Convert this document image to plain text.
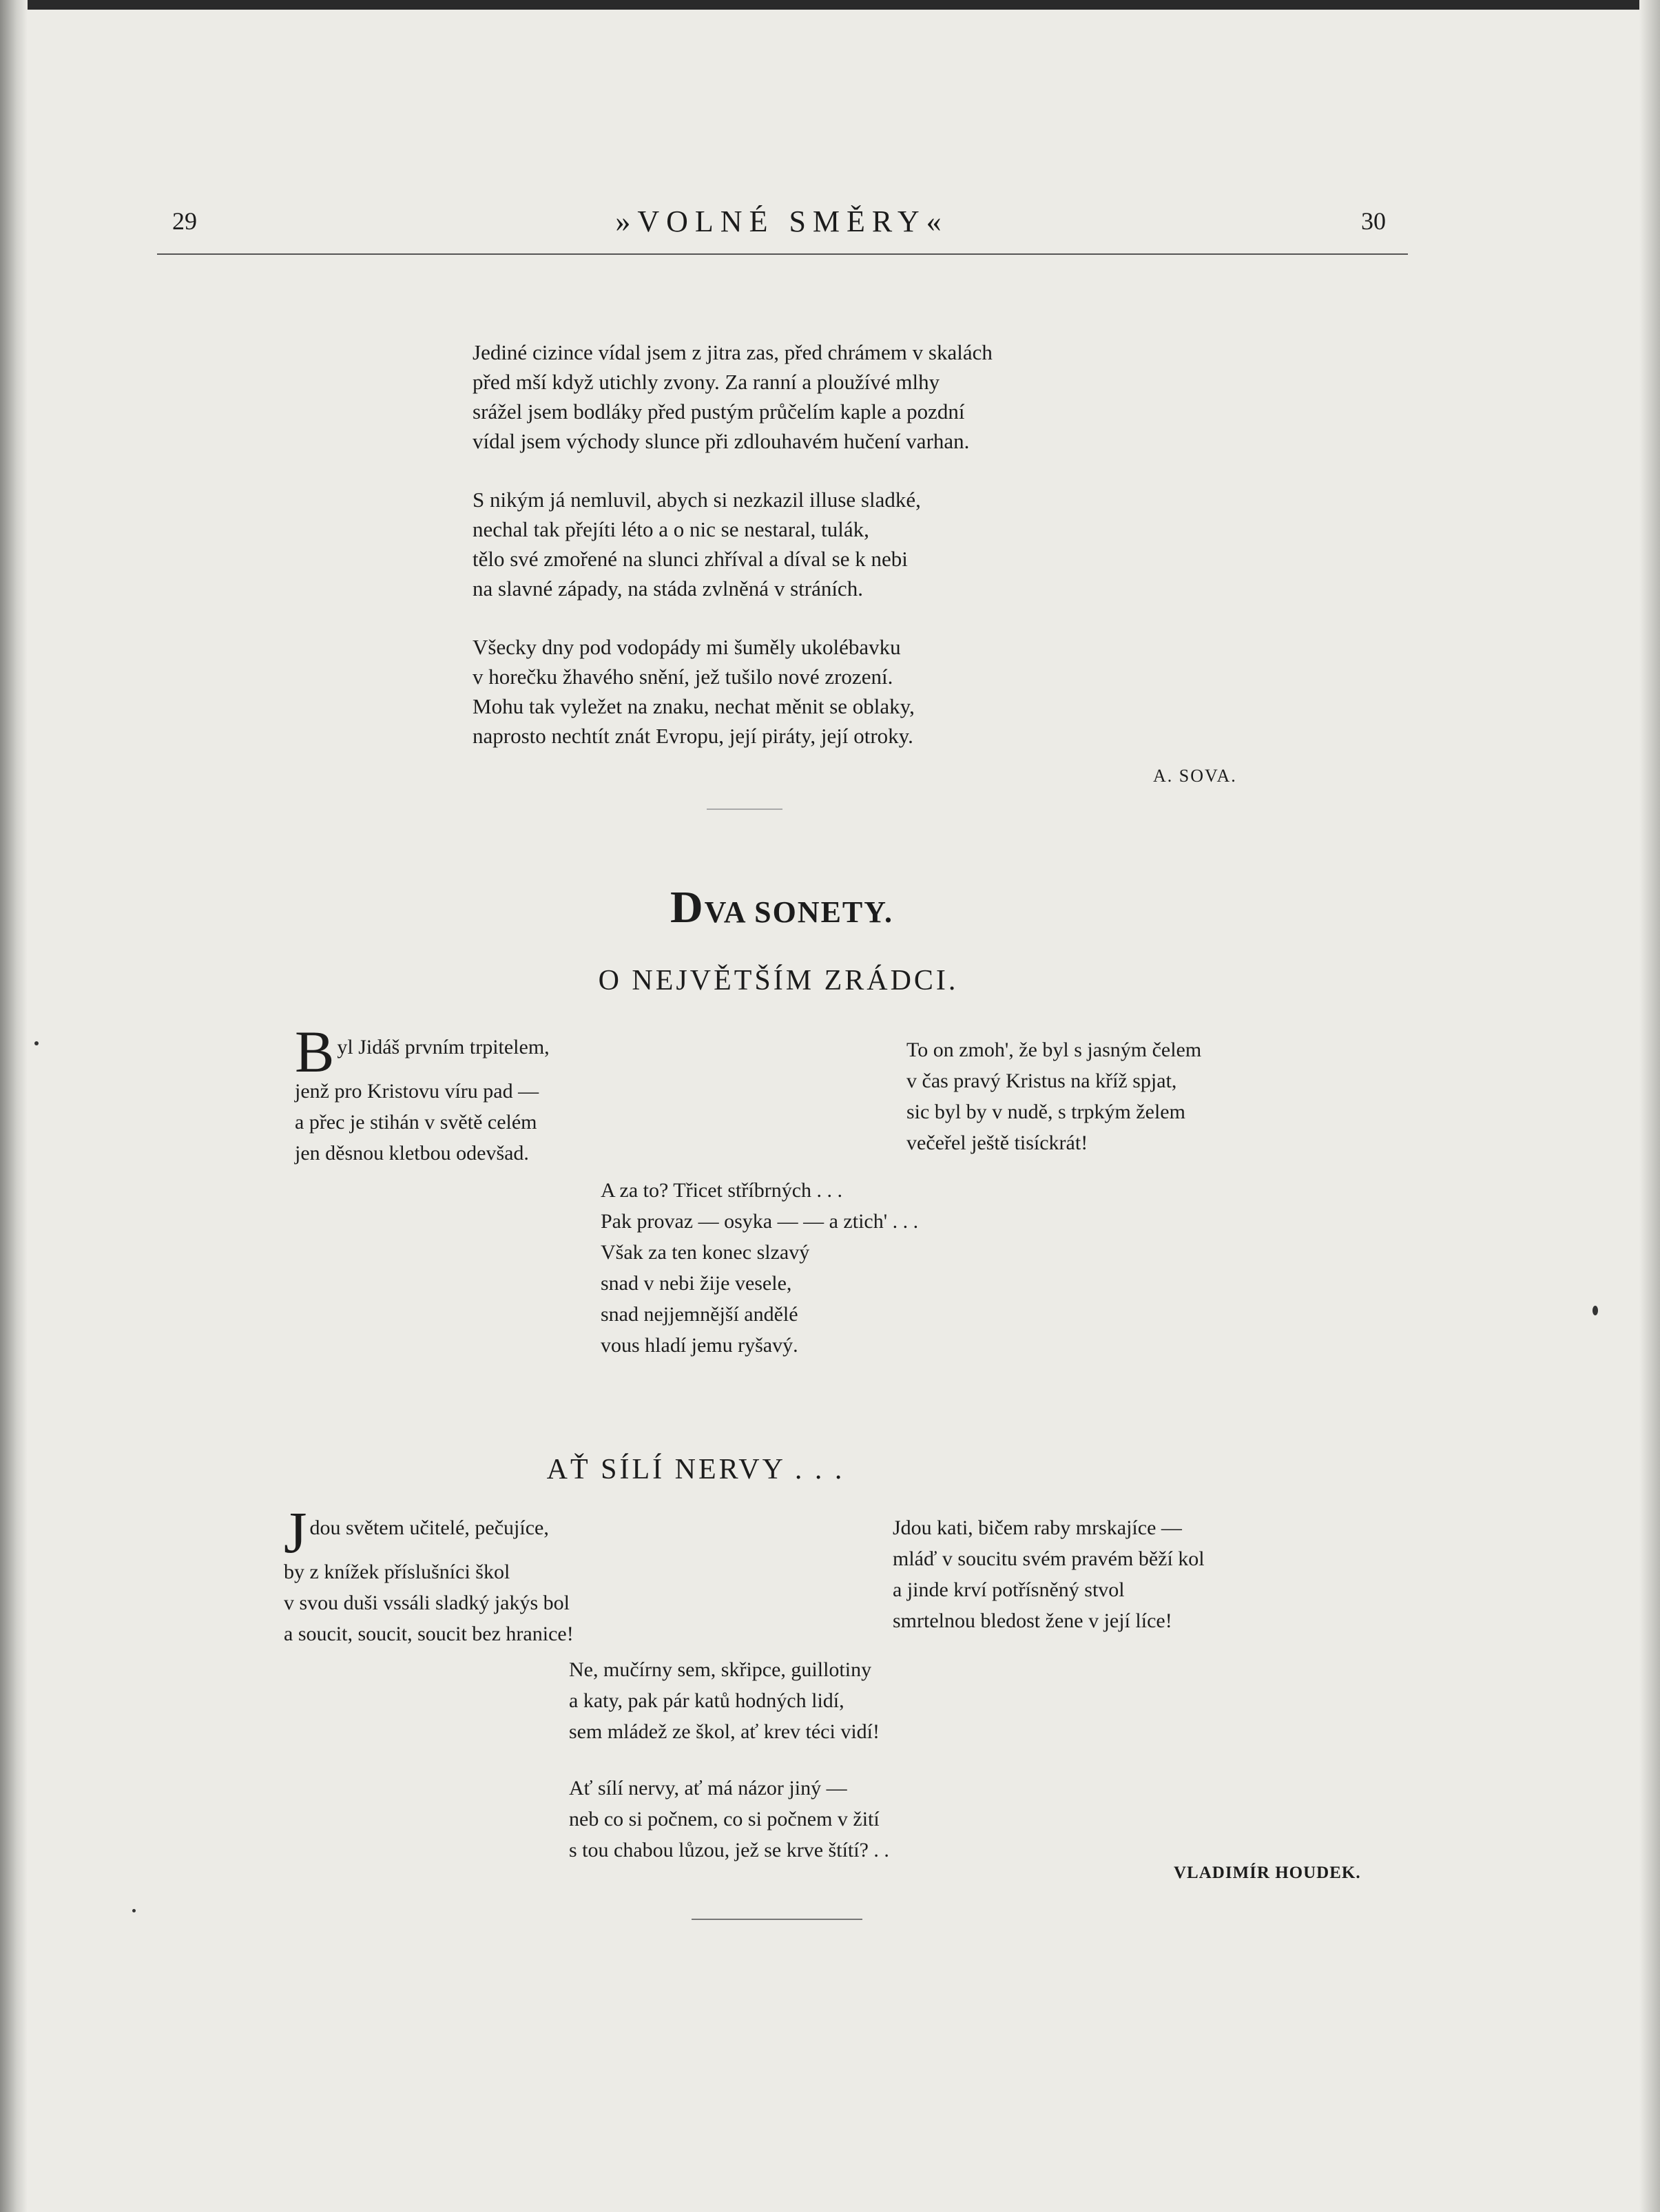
29	»VOLNÉ SMĚRY«	30
Jediné cizince vídal jsem z jitra zas, před chrámem v skalách
před mší když utichly zvony. Za ranní a ploužívé mlhy
srážel jsem bodláky před pustým průčelím kaple a pozdní
vídal jsem východy slunce při zdlouhavém hučení varhan.
S nikým já nemluvil, abych si nezkazil illuse sladké,
nechal tak přejíti léto a o nic se nestaral, tulák,
tělo své zmořené na slunci zhříval a díval se k nebi
na slavné západy, na stáda zvlněná v stráních.
Všecky dny pod vodopády mi šuměly ukolébavku
v horečku žhavého snění, jež tušilo nové zrození.
Mohu tak vyležet na znaku, nechat měnit se oblaky,
naprosto nechtít znát Evropu, její piráty, její otroky.
A. SOVA.
DVA SONETY.
O NEJVĚTŠÍM ZRÁDCI.
B yl Jidáš prvním trpitelem,
jenž pro Kristovu víru pad —
a přec je stihán v světě celém
jen děsnou kletbou odevšad.
To on zmoh', že byl s jasným čelem
v čas pravý Kristus na kříž spjat,
sic byl by v nudě, s trpkým želem
večeřel ještě tisíckrát!
A za to? Třicet stříbrných . . .
Pak provaz — osyka — — a ztich' . . .
Však za ten konec slzavý
snad v nebi žije vesele,
snad nejjemnější andělé
vous hladí jemu ryšavý.
AŤ SÍLÍ NERVY . . .
J dou světem učitelé, pečujíce,
by z knížek příslušníci škol
v svou duši vssáli sladký jakýs bol
a soucit, soucit, soucit bez hranice!
Jdou kati, bičem raby mrskajíce —
mláď v soucitu svém pravém běží kol
a jinde krví potřísněný stvol
smrtelnou bledost žene v její líce!
Ne, mučírny sem, skřipce, guillotiny
a katy, pak pár katů hodných lidí,
sem mládež ze škol, ať krev téci vidí!
Ať sílí nervy, ať má názor jiný —
neb co si počnem, co si počnem v žití
s tou chabou lůzou, jež se krve štítí? . .
VLADIMÍR HOUDEK.
